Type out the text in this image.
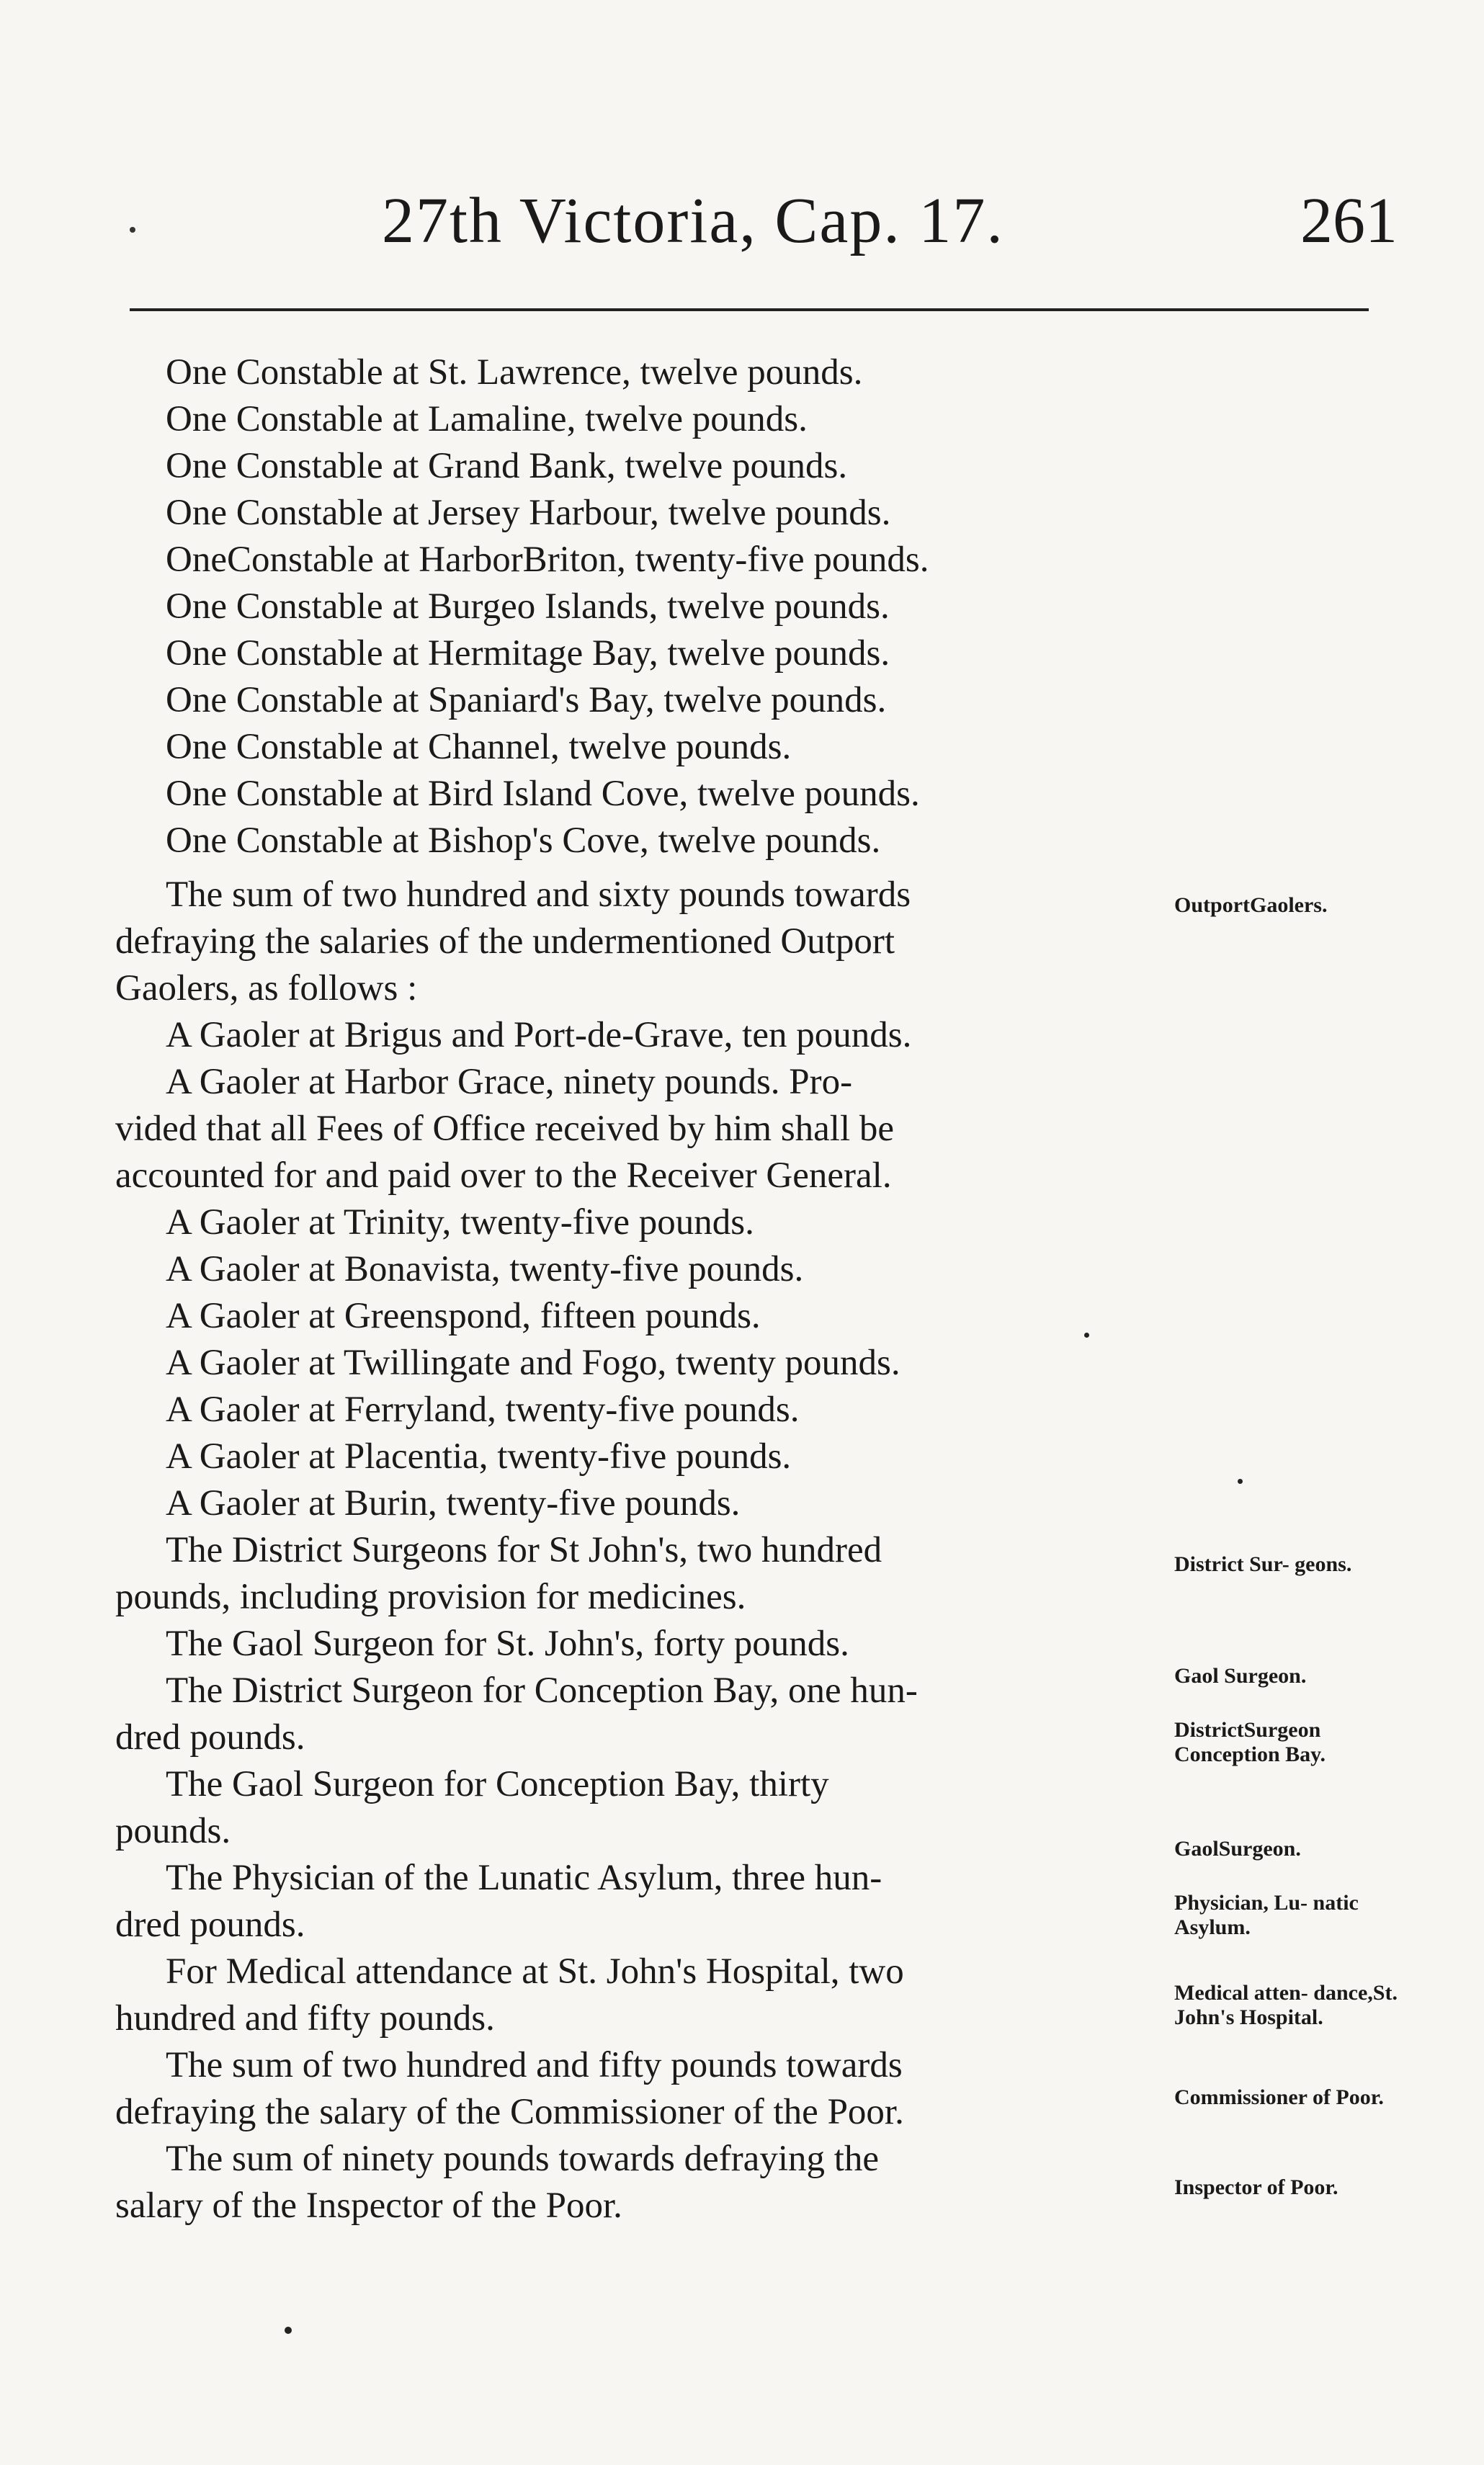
27th Victoria, Cap. 17.	261
One Constable at St. Lawrence, twelve pounds.
One Constable at Lamaline, twelve pounds.
One Constable at Grand Bank, twelve pounds.
One Constable at Jersey Harbour, twelve pounds.
OneConstable at HarborBriton, twenty-five pounds.
One Constable at Burgeo Islands, twelve pounds.
One Constable at Hermitage Bay, twelve pounds.
One Constable at Spaniard's Bay, twelve pounds.
One Constable at Channel, twelve pounds.
One Constable at Bird Island Cove, twelve pounds.
One Constable at Bishop's Cove, twelve pounds.
The sum of two hundred and sixty pounds towards
defraying the salaries of the undermentioned Outport
Gaolers, as follows :
A Gaoler at Brigus and Port-de-Grave, ten pounds.
A Gaoler at Harbor Grace, ninety pounds. Pro-
vided that all Fees of Office received by him shall be
accounted for and paid over to the Receiver General.
A Gaoler at Trinity, twenty-five pounds.
A Gaoler at Bonavista, twenty-five pounds.
A Gaoler at Greenspond, fifteen pounds.
A Gaoler at Twillingate and Fogo, twenty pounds.
A Gaoler at Ferryland, twenty-five pounds.
A Gaoler at Placentia, twenty-five pounds.
A Gaoler at Burin, twenty-five pounds.
The District Surgeons for St John's, two hundred
pounds, including provision for medicines.
The Gaol Surgeon for St. John's, forty pounds.
The District Surgeon for Conception Bay, one hun-
dred pounds.
The Gaol Surgeon for Conception Bay, thirty
pounds.
The Physician of the Lunatic Asylum, three hun-
dred pounds.
For Medical attendance at St. John's Hospital, two
hundred and fifty pounds.
The sum of two hundred and fifty pounds towards
defraying the salary of the Commissioner of the Poor.
The sum of ninety pounds towards defraying the
salary of the Inspector of the Poor.
OutportGaolers.
District Sur- geons.
Gaol Surgeon.
DistrictSurgeon Conception Bay.
GaolSurgeon.
Physician, Lu- natic Asylum.
Medical atten- dance,St. John's Hospital.
Commissioner of Poor.
Inspector of Poor.
